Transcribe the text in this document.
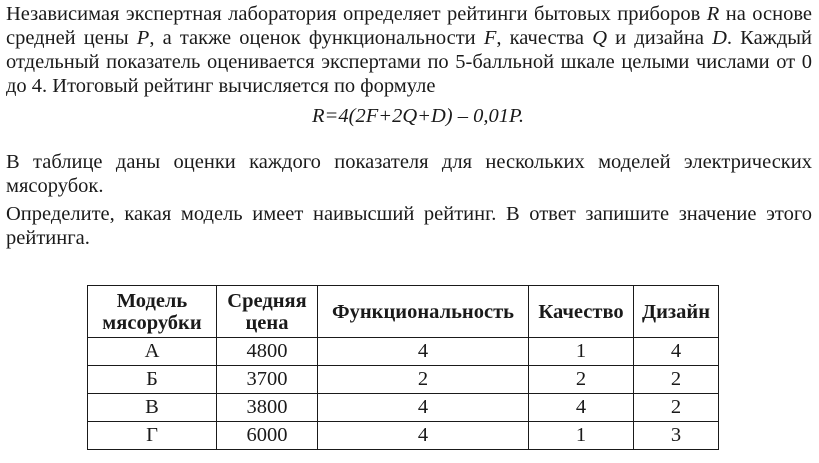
Независимая экспертная лаборатория определяет рейтинги бытовых приборов R на основе средней цены P, а также оценок функциональности F, качества Q и дизайна D. Каждый отдельный показатель оценивается экспертами по 5-балльной шкале целыми числами от 0 до 4. Итоговый рейтинг вычисляется по формуле

R=4(2F+2Q+D) – 0,01P.

В таблице даны оценки каждого показателя для нескольких моделей электрических мясорубок.

Определите, какая модель имеет наивысший рейтинг. В ответ запишите значение этого рейтинга.

Модель мясорубки	Средняя цена	Функциональность	Качество	Дизайн
А	4800	4	1	4
Б	3700	2	2	2
В	3800	4	4	2
Г	6000	4	1	3
